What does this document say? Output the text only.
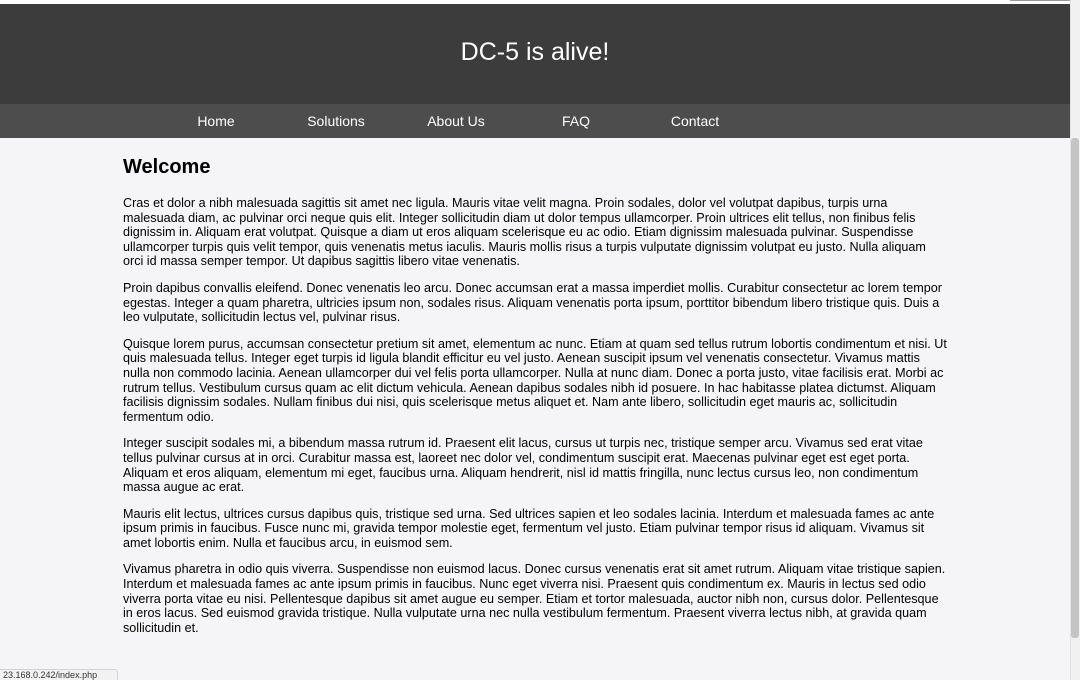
DC-5 is alive!
Home	Solutions	About Us	FAQ	Contact
Welcome

Cras et dolor a nibh malesuada sagittis sit amet nec ligula. Mauris vitae velit magna. Proin sodales, dolor vel volutpat dapibus, turpis urna malesuada diam, ac pulvinar orci neque quis elit. Integer sollicitudin diam ut dolor tempus ullamcorper. Proin ultrices elit tellus, non finibus felis dignissim in. Aliquam erat volutpat. Quisque a diam ut eros aliquam scelerisque eu ac odio. Etiam dignissim malesuada pulvinar. Suspendisse ullamcorper turpis quis velit tempor, quis venenatis metus iaculis. Mauris mollis risus a turpis vulputate dignissim volutpat eu justo. Nulla aliquam orci id massa semper tempor. Ut dapibus sagittis libero vitae venenatis.

Proin dapibus convallis eleifend. Donec venenatis leo arcu. Donec accumsan erat a massa imperdiet mollis. Curabitur consectetur ac lorem tempor egestas. Integer a quam pharetra, ultricies ipsum non, sodales risus. Aliquam venenatis porta ipsum, porttitor bibendum libero tristique quis. Duis a leo vulputate, sollicitudin lectus vel, pulvinar risus.

Quisque lorem purus, accumsan consectetur pretium sit amet, elementum ac nunc. Etiam at quam sed tellus rutrum lobortis condimentum et nisi. Ut quis malesuada tellus. Integer eget turpis id ligula blandit efficitur eu vel justo. Aenean suscipit ipsum vel venenatis consectetur. Vivamus mattis nulla non commodo lacinia. Aenean ullamcorper dui vel felis porta ullamcorper. Nulla at nunc diam. Donec a porta justo, vitae facilisis erat. Morbi ac rutrum tellus. Vestibulum cursus quam ac elit dictum vehicula. Aenean dapibus sodales nibh id posuere. In hac habitasse platea dictumst. Aliquam facilisis dignissim sodales. Nullam finibus dui nisi, quis scelerisque metus aliquet et. Nam ante libero, sollicitudin eget mauris ac, sollicitudin fermentum odio.

Integer suscipit sodales mi, a bibendum massa rutrum id. Praesent elit lacus, cursus ut turpis nec, tristique semper arcu. Vivamus sed erat vitae tellus pulvinar cursus at in orci. Curabitur massa est, laoreet nec dolor vel, condimentum suscipit erat. Maecenas pulvinar eget est eget porta. Aliquam et eros aliquam, elementum mi eget, faucibus urna. Aliquam hendrerit, nisl id mattis fringilla, nunc lectus cursus leo, non condimentum massa augue ac erat.

Mauris elit lectus, ultrices cursus dapibus quis, tristique sed urna. Sed ultrices sapien et leo sodales lacinia. Interdum et malesuada fames ac ante ipsum primis in faucibus. Fusce nunc mi, gravida tempor molestie eget, fermentum vel justo. Etiam pulvinar tempor risus id aliquam. Vivamus sit amet lobortis enim. Nulla et faucibus arcu, in euismod sem.

Vivamus pharetra in odio quis viverra. Suspendisse non euismod lacus. Donec cursus venenatis erat sit amet rutrum. Aliquam vitae tristique sapien. Interdum et malesuada fames ac ante ipsum primis in faucibus. Nunc eget viverra nisi. Praesent quis condimentum ex. Mauris in lectus sed odio viverra porta vitae eu nisi. Pellentesque dapibus sit amet augue eu semper. Etiam et tortor malesuada, auctor nibh non, cursus dolor. Pellentesque in eros lacus. Sed euismod gravida tristique. Nulla vulputate urna nec nulla vestibulum fermentum. Praesent viverra lectus nibh, at gravida quam sollicitudin et.

23.168.0.242/index.php
